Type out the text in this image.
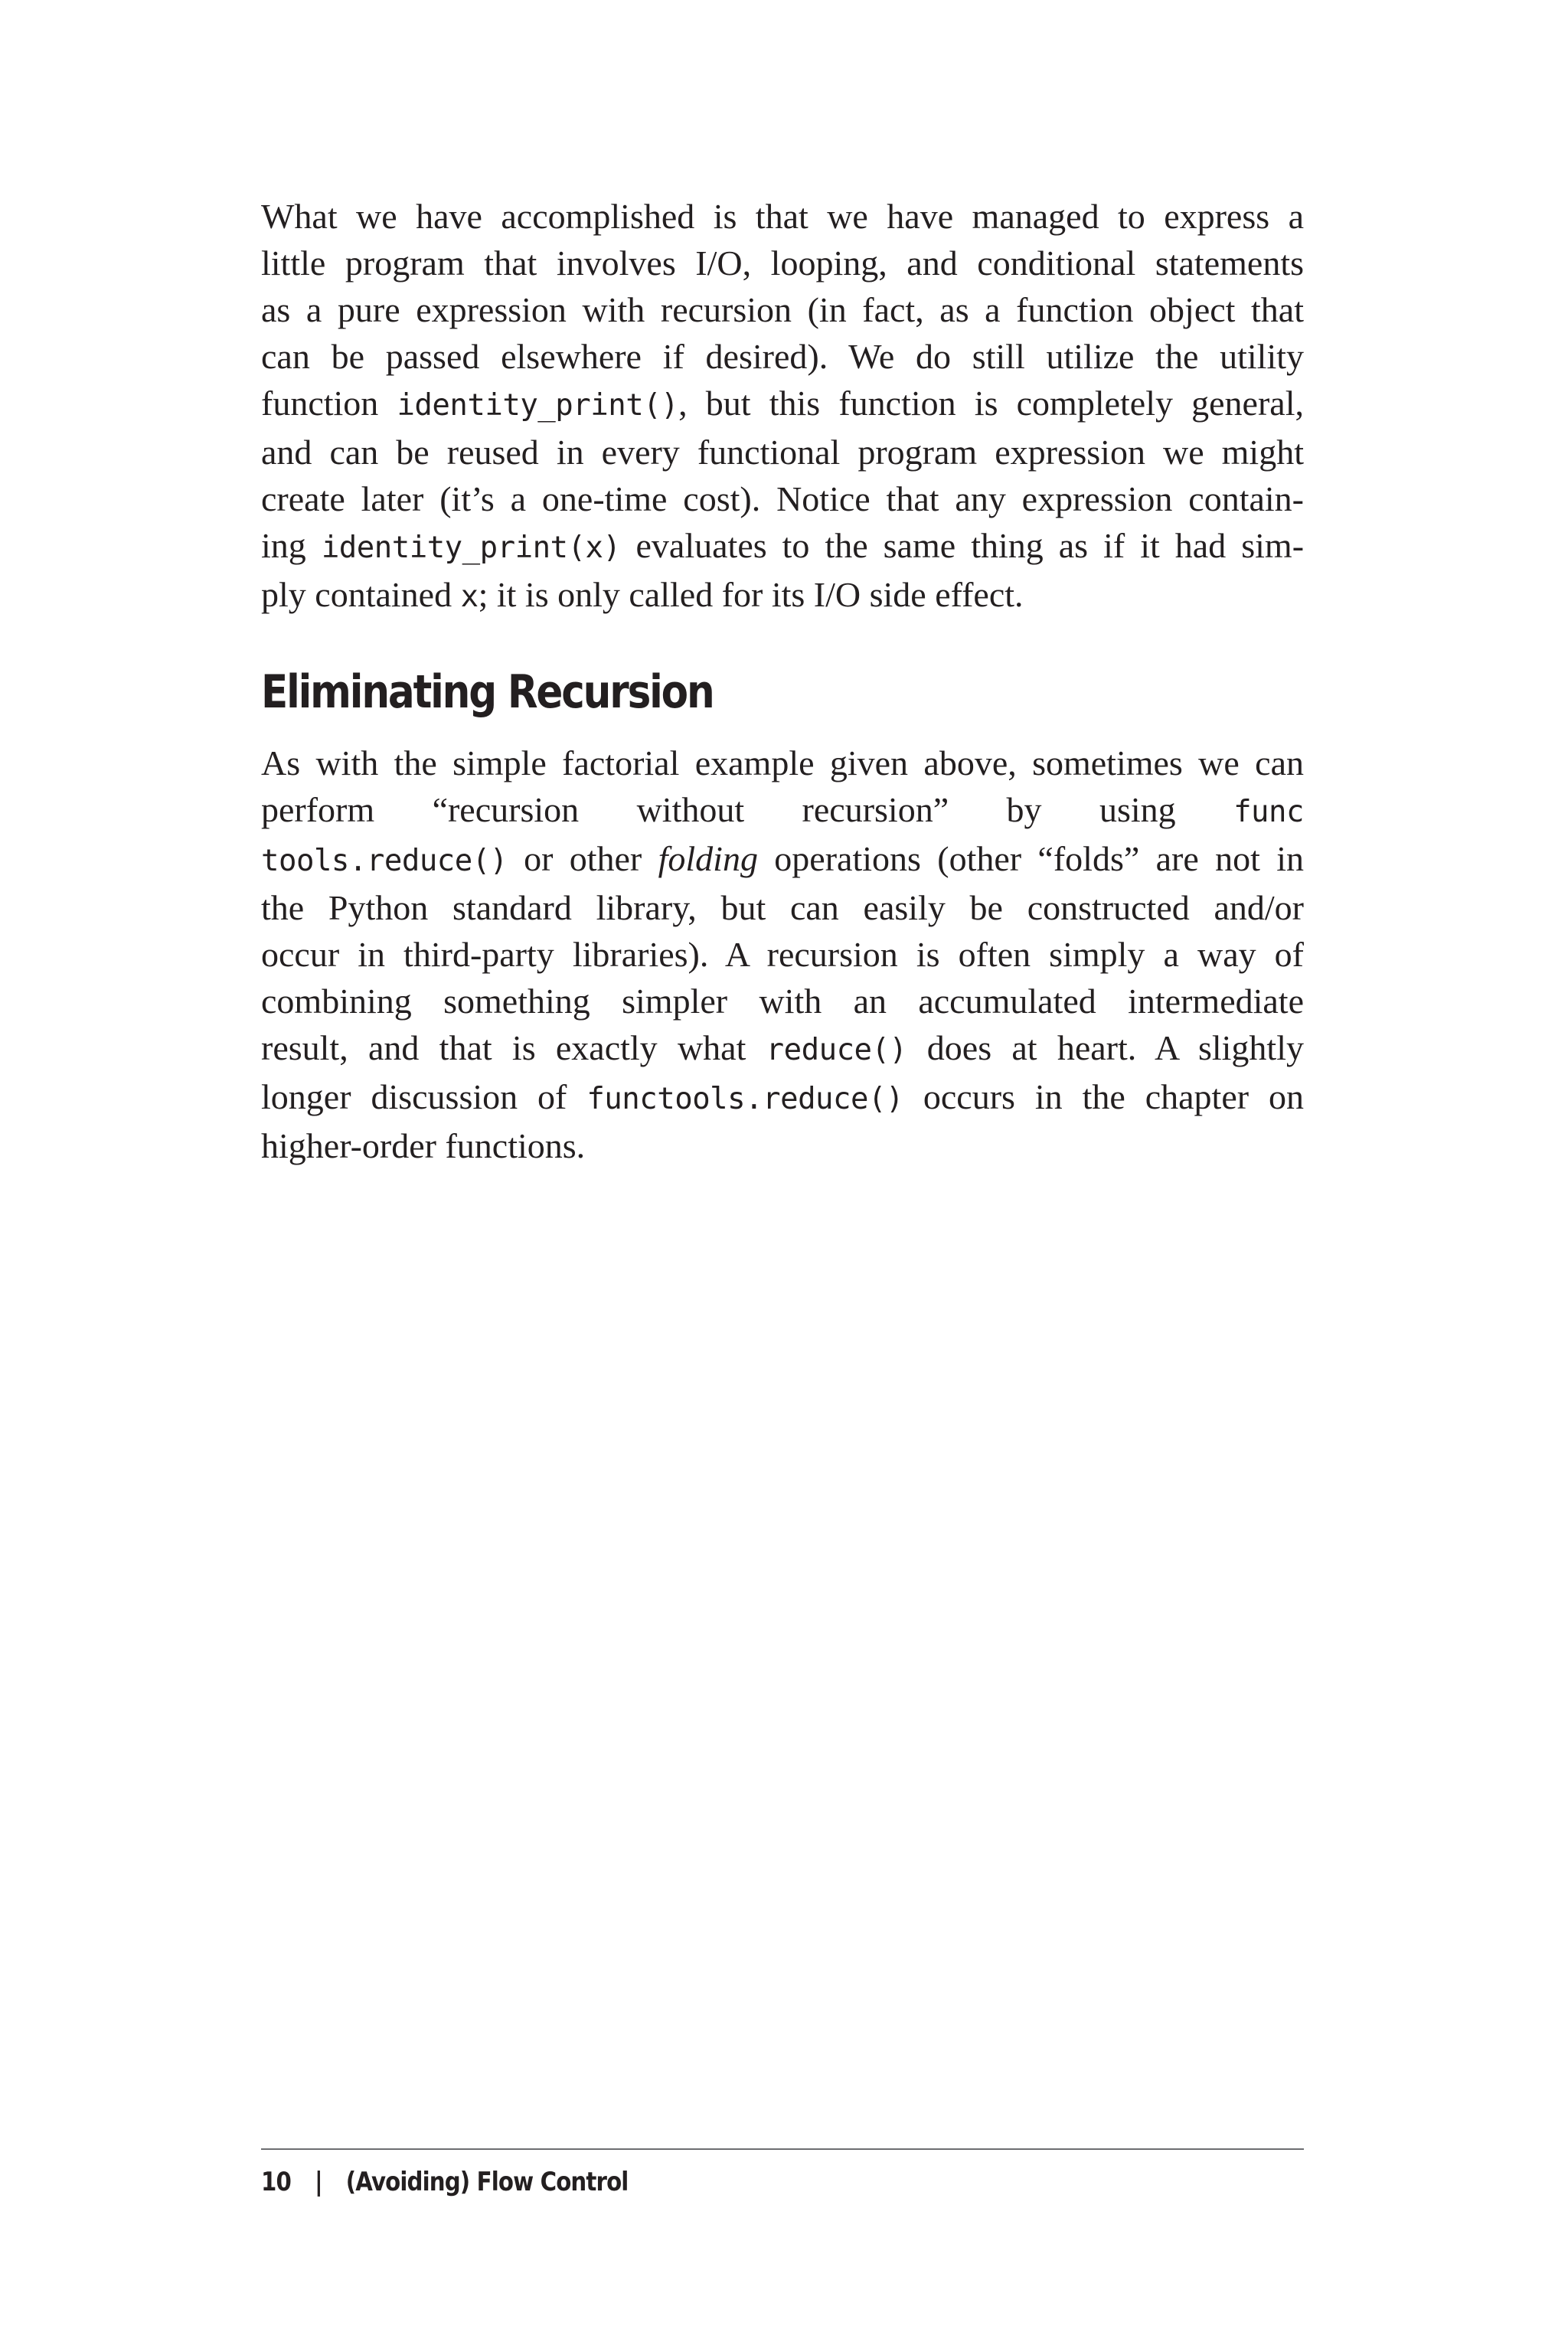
What we have accomplished is that we have managed to express a
little program that involves I/O, looping, and conditional statements
as a pure expression with recursion (in fact, as a function object that
can be passed elsewhere if desired). We do still utilize the utility
function identity_print(), but this function is completely general,
and can be reused in every functional program expression we might
create later (it’s a one-time cost). Notice that any expression contain-
ing identity_print(x) evaluates to the same thing as if it had sim-
ply contained x; it is only called for its I/O side effect.

Eliminating Recursion

As with the simple factorial example given above, sometimes we can
perform “recursion without recursion” by using func
tools.reduce() or other folding operations (other “folds” are not in
the Python standard library, but can easily be constructed and/or
occur in third-party libraries). A recursion is often simply a way of
combining something simpler with an accumulated intermediate
result, and that is exactly what reduce() does at heart. A slightly
longer discussion of functools.reduce() occurs in the chapter on
higher-order functions.

10 | (Avoiding) Flow Control
